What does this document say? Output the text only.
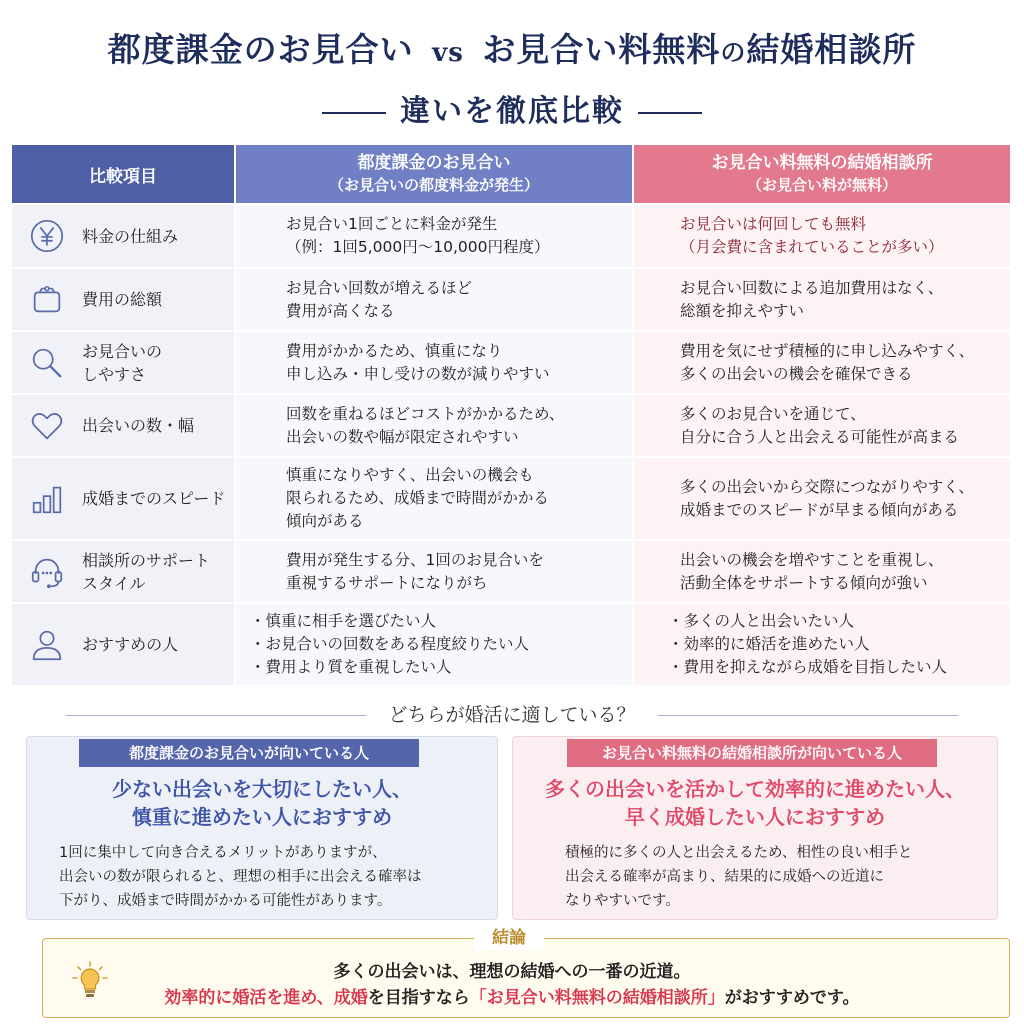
都度課金のお見合い vs お見合い料無料の結婚相談所
違いを徹底比較
比較項目
都度課金のお見合い
（お見合いの都度料金が発生）
お見合い料無料の結婚相談所
（お見合い料が無料）
料金の仕組み
お見合い1回ごとに料金が発生
（例：1回5,000円〜10,000円程度）
お見合いは何回しても無料
（月会費に含まれていることが多い）
費用の総額
お見合い回数が増えるほど
費用が高くなる
お見合い回数による追加費用はなく、
総額を抑えやすい
お見合いの
しやすさ
費用がかかるため、慎重になり
申し込み・申し受けの数が減りやすい
費用を気にせず積極的に申し込みやすく、
多くの出会いの機会を確保できる
出会いの数・幅
回数を重ねるほどコストがかかるため、
出会いの数や幅が限定されやすい
多くのお見合いを通じて、
自分に合う人と出会える可能性が高まる
成婚までのスピード
慎重になりやすく、出会いの機会も
限られるため、成婚まで時間がかかる
傾向がある
多くの出会いから交際につながりやすく、
成婚までのスピードが早まる傾向がある
相談所のサポート
スタイル
費用が発生する分、1回のお見合いを
重視するサポートになりがち
出会いの機会を増やすことを重視し、
活動全体をサポートする傾向が強い
おすすめの人
・慎重に相手を選びたい人
・お見合いの回数をある程度絞りたい人
・費用より質を重視したい人
・多くの人と出会いたい人
・効率的に婚活を進めたい人
・費用を抑えながら成婚を目指したい人
どちらが婚活に適している？
都度課金のお見合いが向いている人
少ない出会いを大切にしたい人、
慎重に進めたい人におすすめ
1回に集中して向き合えるメリットがありますが、
出会いの数が限られると、理想の相手に出会える確率は
下がり、成婚まで時間がかかる可能性があります。
お見合い料無料の結婚相談所が向いている人
多くの出会いを活かして効率的に進めたい人、
早く成婚したい人におすすめ
積極的に多くの人と出会えるため、相性の良い相手と
出会える確率が高まり、結果的に成婚への近道に
なりやすいです。
結論
多くの出会いは、理想の結婚への一番の近道。
効率的に婚活を進め、成婚を目指すなら「お見合い料無料の結婚相談所」がおすすめです。
